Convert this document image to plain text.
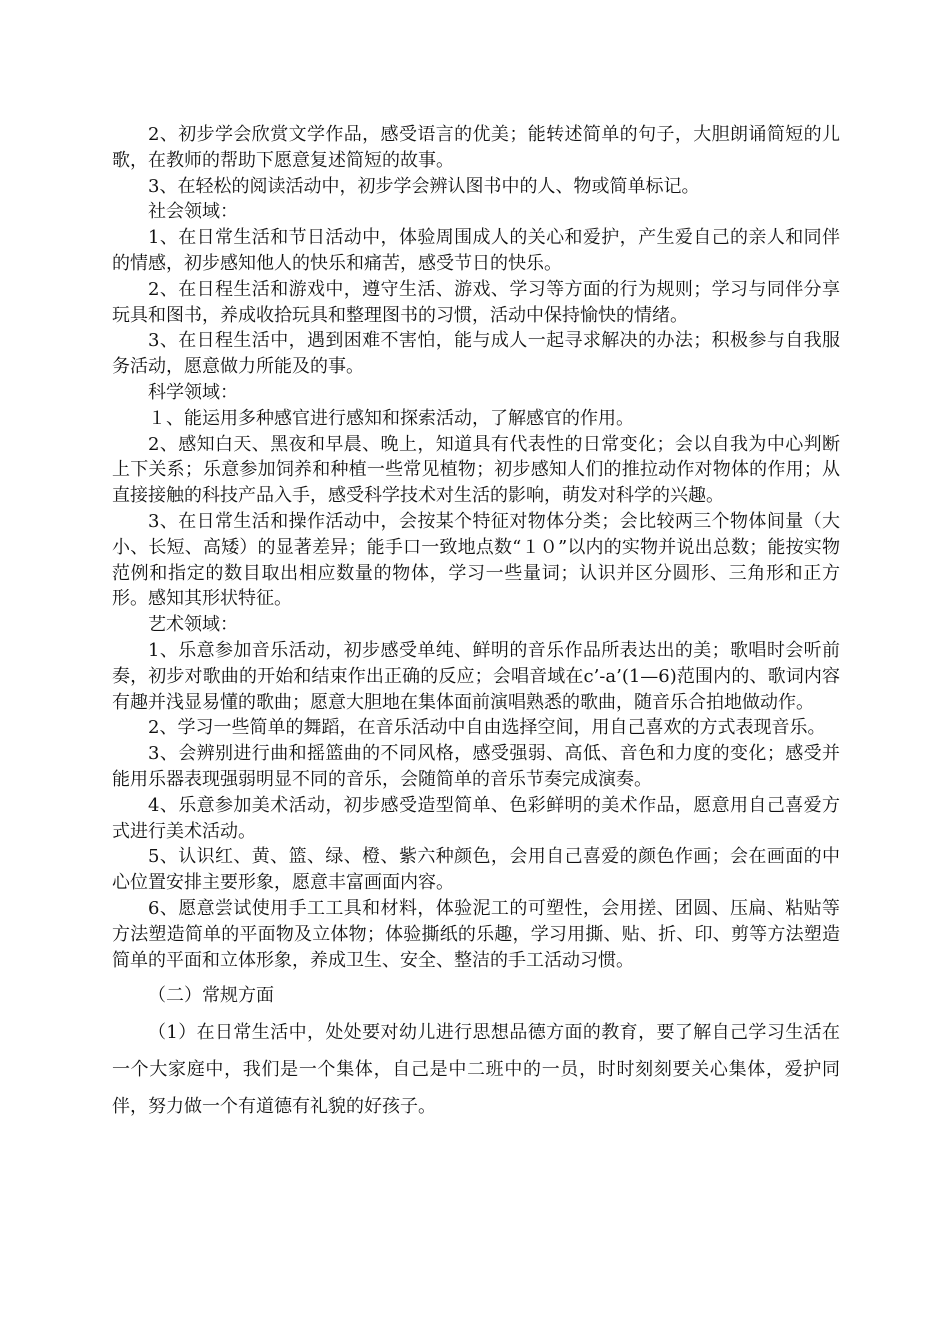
2、初步学会欣赏文学作品，感受语言的优美；能转述简单的句子，大胆朗诵简短的儿歌，在教师的帮助下愿意复述简短的故事。

3、在轻松的阅读活动中，初步学会辨认图书中的人、物或简单标记。

社会领域：

1、在日常生活和节日活动中，体验周围成人的关心和爱护，产生爱自己的亲人和同伴的情感，初步感知他人的快乐和痛苦，感受节日的快乐。

2、在日程生活和游戏中，遵守生活、游戏、学习等方面的行为规则；学习与同伴分享玩具和图书，养成收拾玩具和整理图书的习惯，活动中保持愉快的情绪。

3、在日程生活中，遇到困难不害怕，能与成人一起寻求解决的办法；积极参与自我服务活动，愿意做力所能及的事。

科学领域：

１、能运用多种感官进行感知和探索活动，了解感官的作用。

2、感知白天、黑夜和早晨、晚上，知道具有代表性的日常变化；会以自我为中心判断上下关系；乐意参加饲养和种植一些常见植物；初步感知人们的推拉动作对物体的作用；从直接接触的科技产品入手，感受科学技术对生活的影响，萌发对科学的兴趣。

3、在日常生活和操作活动中，会按某个特征对物体分类；会比较两三个物体间量（大小、长短、高矮）的显著差异；能手口一致地点数“１０”以内的实物并说出总数；能按实物范例和指定的数目取出相应数量的物体，学习一些量词；认识并区分圆形、三角形和正方形。感知其形状特征。

艺术领域：

1、乐意参加音乐活动，初步感受单纯、鲜明的音乐作品所表达出的美；歌唱时会听前奏，初步对歌曲的开始和结束作出正确的反应；会唱音域在c’-a’(1—6)范围内的、歌词内容有趣并浅显易懂的歌曲；愿意大胆地在集体面前演唱熟悉的歌曲，随音乐合拍地做动作。

2、学习一些简单的舞蹈，在音乐活动中自由选择空间，用自己喜欢的方式表现音乐。

3、会辨别进行曲和摇篮曲的不同风格，感受强弱、高低、音色和力度的变化；感受并能用乐器表现强弱明显不同的音乐，会随简单的音乐节奏完成演奏。

4、乐意参加美术活动，初步感受造型简单、色彩鲜明的美术作品，愿意用自己喜爱方式进行美术活动。

5、认识红、黄、篮、绿、橙、紫六种颜色，会用自己喜爱的颜色作画；会在画面的中心位置安排主要形象，愿意丰富画面内容。

6、愿意尝试使用手工工具和材料，体验泥工的可塑性，会用搓、团圆、压扁、粘贴等方法塑造简单的平面物及立体物；体验撕纸的乐趣，学习用撕、贴、折、印、剪等方法塑造简单的平面和立体形象，养成卫生、安全、整洁的手工活动习惯。

（二）常规方面

（1）在日常生活中，处处要对幼儿进行思想品德方面的教育，要了解自己学习生活在一个大家庭中，我们是一个集体，自己是中二班中的一员，时时刻刻要关心集体，爱护同伴，努力做一个有道德有礼貌的好孩子。
